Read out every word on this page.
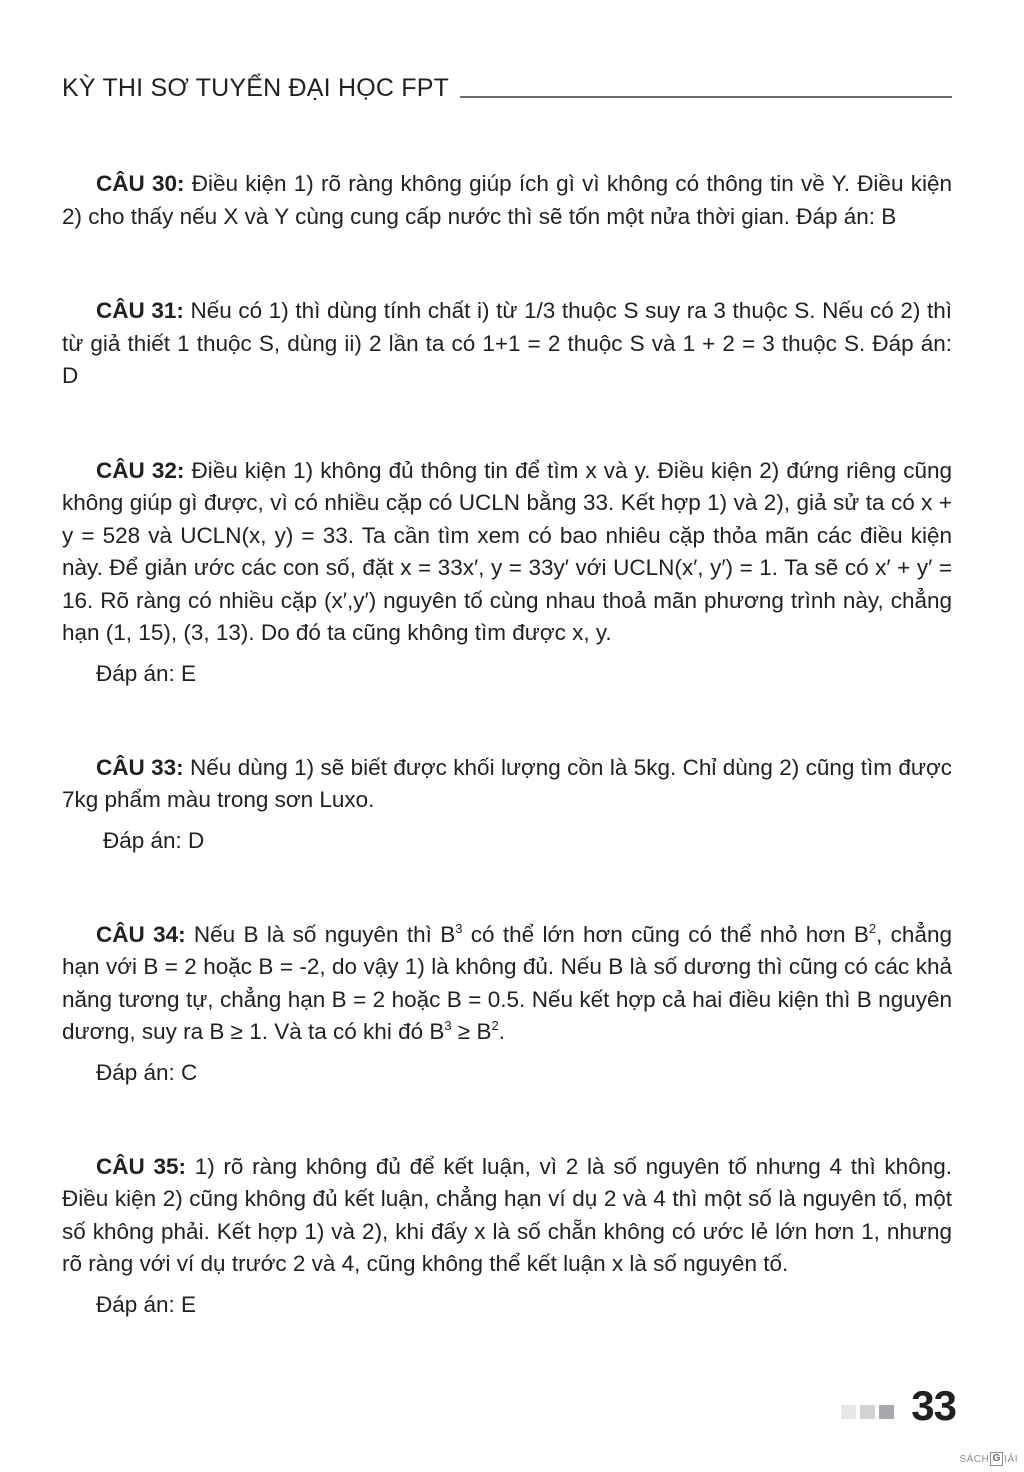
KỲ THI SƠ TUYỂN ĐẠI HỌC FPT

CÂU 30: Điều kiện 1) rõ ràng không giúp ích gì vì không có thông tin về Y. Điều kiện 2) cho thấy nếu X và Y cùng cung cấp nước thì sẽ tốn một nửa thời gian. Đáp án: B

CÂU 31: Nếu có 1) thì dùng tính chất i) từ 1/3 thuộc S suy ra 3 thuộc S. Nếu có 2) thì từ giả thiết 1 thuộc S, dùng ii) 2 lần ta có 1+1 = 2 thuộc S và 1 + 2 = 3 thuộc S. Đáp án: D

CÂU 32: Điều kiện 1) không đủ thông tin để tìm x và y. Điều kiện 2) đứng riêng cũng không giúp gì được, vì có nhiều cặp có UCLN bằng 33. Kết hợp 1) và 2), giả sử ta có x + y = 528 và UCLN(x, y) = 33. Ta cần tìm xem có bao nhiêu cặp thỏa mãn các điều kiện này. Để giản ước các con số, đặt x = 33x′, y = 33y′ với UCLN(x′, y′) = 1. Ta sẽ có x′ + y′ = 16. Rõ ràng có nhiều cặp (x′,y′) nguyên tố cùng nhau thoả mãn phương trình này, chẳng hạn (1, 15), (3, 13). Do đó ta cũng không tìm được x, y.

Đáp án: E

CÂU 33: Nếu dùng 1) sẽ biết được khối lượng cồn là 5kg. Chỉ dùng 2) cũng tìm được 7kg phẩm màu trong sơn Luxo.

Đáp án: D

CÂU 34: Nếu B là số nguyên thì $B^3$ có thể lớn hơn cũng có thể nhỏ hơn $B^2$, chẳng hạn với B = 2 hoặc B = -2, do vậy 1) là không đủ. Nếu B là số dương thì cũng có các khả năng tương tự, chẳng hạn B = 2 hoặc B = 0.5. Nếu kết hợp cả hai điều kiện thì B nguyên dương, suy ra B ≥ 1. Và ta có khi đó $B^3 \ge B^2$.

Đáp án: C

CÂU 35: 1) rõ ràng không đủ để kết luận, vì 2 là số nguyên tố nhưng 4 thì không. Điều kiện 2) cũng không đủ kết luận, chẳng hạn ví dụ 2 và 4 thì một số là nguyên tố, một số không phải. Kết hợp 1) và 2), khi đấy x là số chẵn không có ước lẻ lớn hơn 1, nhưng rõ ràng với ví dụ trước 2 và 4, cũng không thể kết luận x là số nguyên tố.

Đáp án: E
33
SÁCH G IẢI
